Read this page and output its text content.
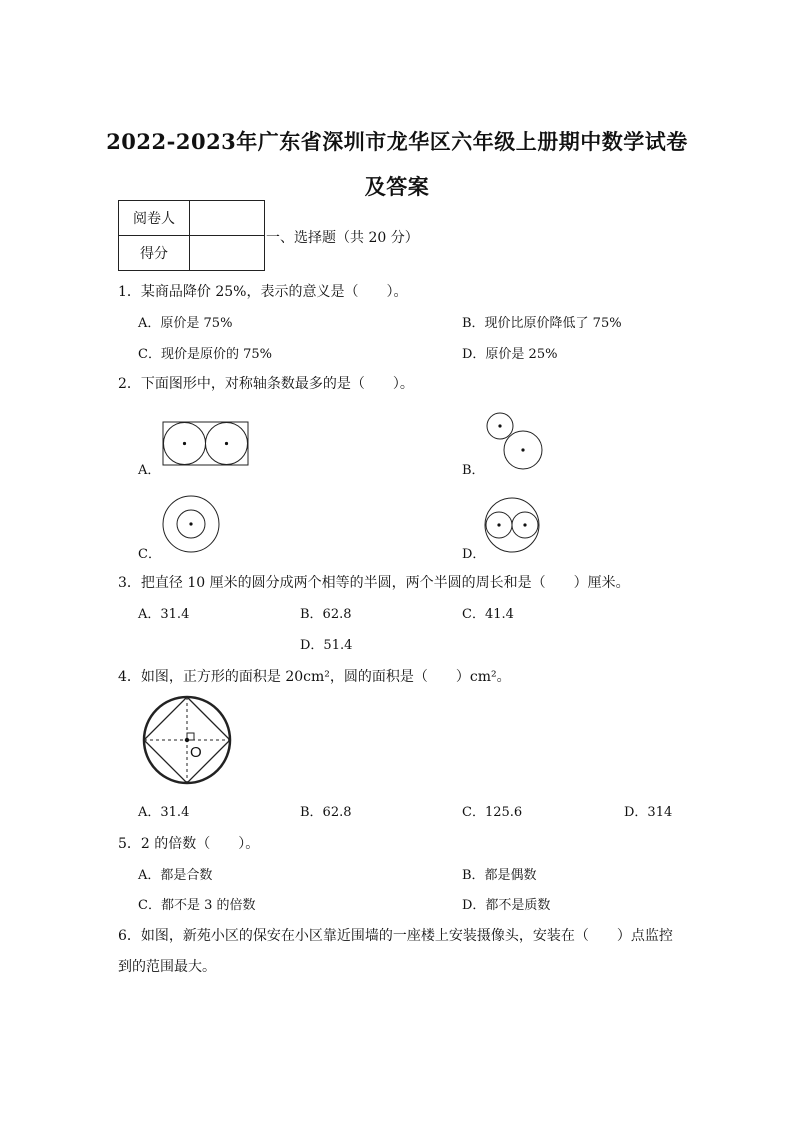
2022-2023年广东省深圳市龙华区六年级上册期中数学试卷
及答案
阅卷人	
得分	
一、选择题（共 20 分）
1．某商品降价 25%，表示的意义是（　　）。
A．原价是 75%	B．现价比原价降低了 75%
C．现价是原价的 75%	D．原价是 25%
2．下面图形中，对称轴条数最多的是（　　）。
A．	B．
C．	D．
3．把直径 10 厘米的圆分成两个相等的半圆，两个半圆的周长和是（　　）厘米。
A．31.4	B．62.8	C．41.4
D．51.4
4．如图，正方形的面积是 20cm²，圆的面积是（　　）cm²。
O
A．31.4	B．62.8	C．125.6	D．314
5．2 的倍数（　　）。
A．都是合数	B．都是偶数
C．都不是 3 的倍数	D．都不是质数
6．如图，新苑小区的保安在小区靠近围墙的一座楼上安装摄像头，安装在（　　）点监控
到的范围最大。
